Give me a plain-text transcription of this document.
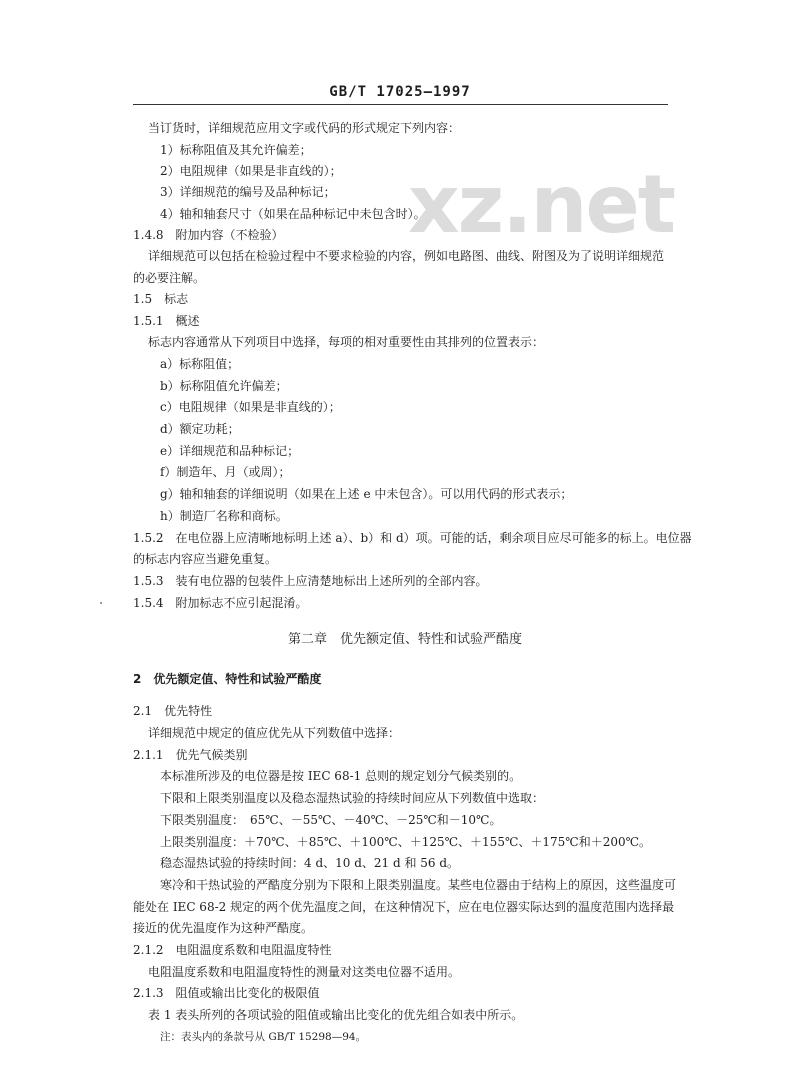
GB/T 17025—1997
xz.net
当订货时，详细规范应用文字或代码的形式规定下列内容：
1）标称阻值及其允许偏差；
2）电阻规律（如果是非直线的）；
3）详细规范的编号及品种标记；
4）轴和轴套尺寸（如果在品种标记中未包含时）。
1.4.8　附加内容（不检验）
详细规范可以包括在检验过程中不要求检验的内容，例如电路图、曲线、附图及为了说明详细规范
的必要注解。
1.5　标志
1.5.1　概述
标志内容通常从下列项目中选择，每项的相对重要性由其排列的位置表示：
a）标称阻值；
b）标称阻值允许偏差；
c）电阻规律（如果是非直线的）；
d）额定功耗；
e）详细规范和品种标记；
f）制造年、月（或周）；
g）轴和轴套的详细说明（如果在上述 e 中未包含）。可以用代码的形式表示；
h）制造厂名称和商标。
1.5.2　在电位器上应清晰地标明上述 a）、b）和 d）项。可能的话，剩余项目应尽可能多的标上。电位器
的标志内容应当避免重复。
1.5.3　装有电位器的包装件上应清楚地标出上述所列的全部内容。
1.5.4　附加标志不应引起混淆。
第二章　优先额定值、特性和试验严酷度
2　优先额定值、特性和试验严酷度
2.1　优先特性
详细规范中规定的值应优先从下列数值中选择：
2.1.1　优先气候类别
本标准所涉及的电位器是按 IEC 68-1 总则的规定划分气候类别的。
下限和上限类别温度以及稳态湿热试验的持续时间应从下列数值中选取：
下限类别温度：　65℃、－55℃、－40℃、－25℃和－10℃。
上限类别温度：＋70℃、＋85℃、＋100℃、＋125℃、＋155℃、＋175℃和＋200℃。
稳态湿热试验的持续时间：4 d、10 d、21 d 和 56 d。
寒冷和干热试验的严酷度分别为下限和上限类别温度。某些电位器由于结构上的原因，这些温度可
能处在 IEC 68-2 规定的两个优先温度之间，在这种情况下，应在电位器实际达到的温度范围内选择最
接近的优先温度作为这种严酷度。
2.1.2　电阻温度系数和电阻温度特性
电阻温度系数和电阻温度特性的测量对这类电位器不适用。
2.1.3　阻值或输出比变化的极限值
表 1 表头所列的各项试验的阻值或输出比变化的优先组合如表中所示。
注：表头内的条款号从 GB/T 15298—94。
